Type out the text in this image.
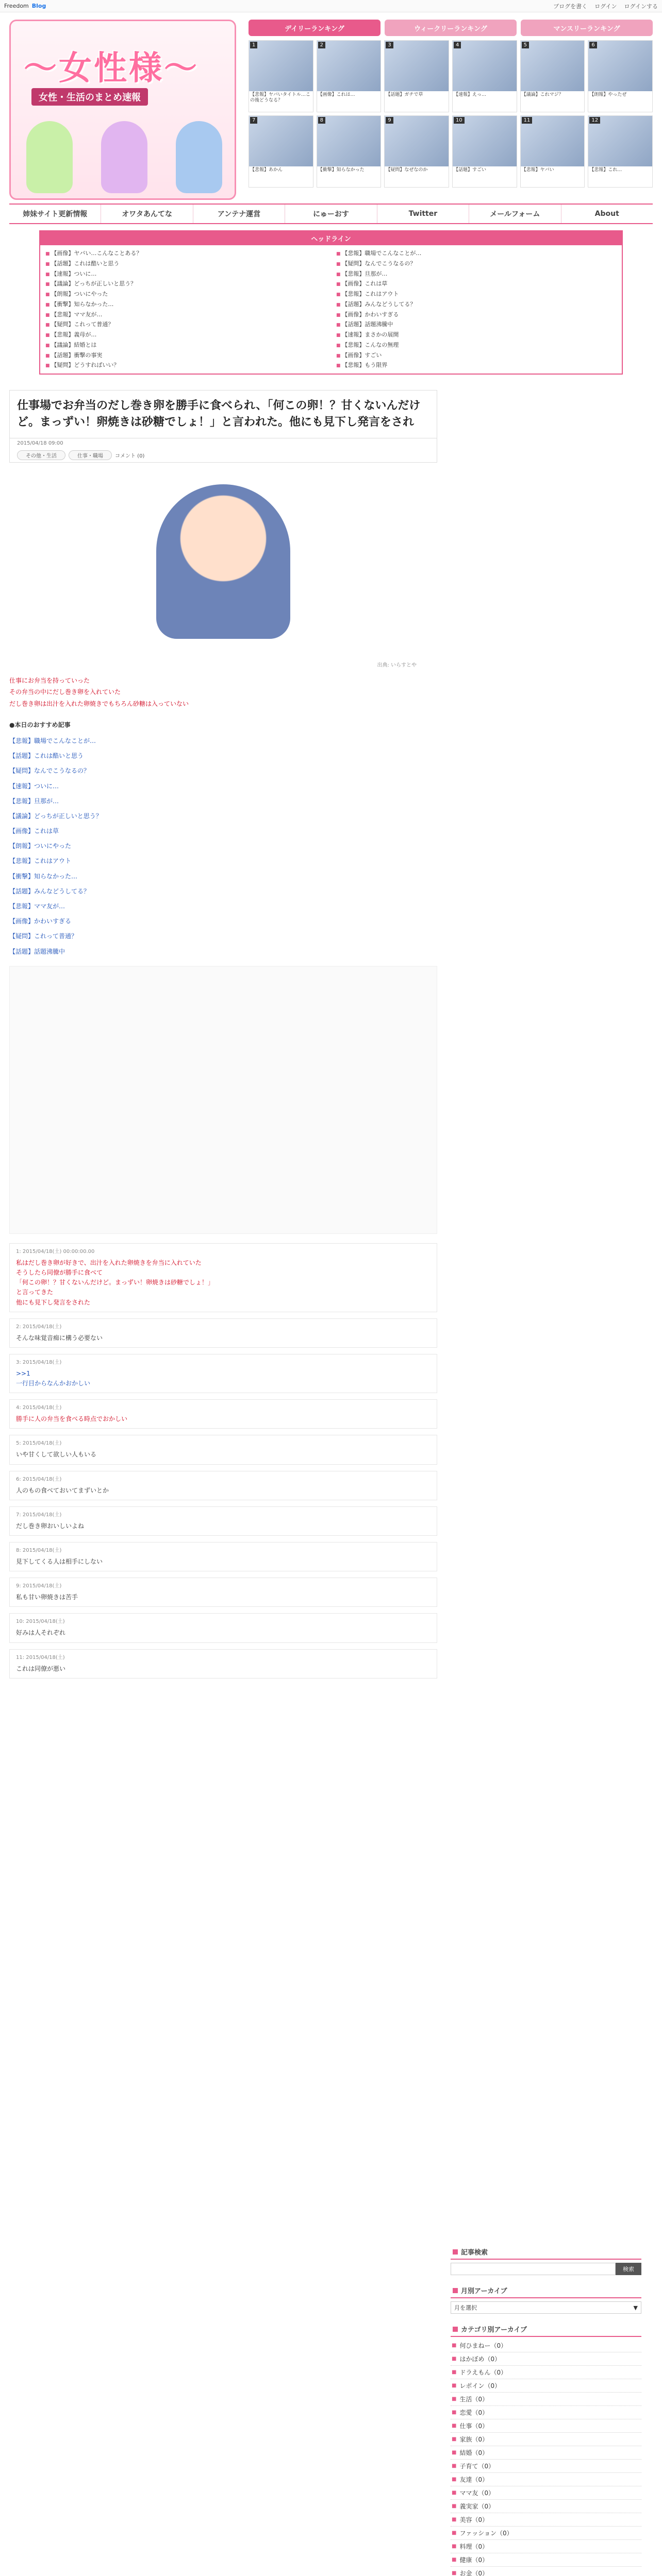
Freedom Blog	ブログを書く ログイン ログインする
〜女性様〜
女性・生活のまとめ速報
デイリーランキング	ウィークリーランキング	マンスリーランキング
1
【悲報】ヤバいタイトル…この後どうなる？
2
【画像】これは…
3
【話題】ガチで草
4
【速報】えっ…
5
【議論】これマジ？
6
【朗報】やったぜ
7
【悲報】あかん
8
【衝撃】知らなかった
9
【疑問】なぜなのか
10
【話題】すごい
11
【悲報】ヤバい
12
【悲報】これ…
姉妹サイト更新情報	オワタあんてな	アンテナ運営	にゅーおす	Twitter	メールフォーム	About
ヘッドライン
■ 【画像】ヤバい…こんなことある？	■ 【悲報】職場でこんなことが…
■ 【話題】これは酷いと思う	■ 【疑問】なんでこうなるの？
■ 【速報】ついに…	■ 【悲報】旦那が…
■ 【議論】どっちが正しいと思う？	■ 【画像】これは草
■ 【朗報】ついにやった	■ 【悲報】これはアウト
■ 【衝撃】知らなかった…	■ 【話題】みんなどうしてる？
■ 【悲報】ママ友が…	■ 【画像】かわいすぎる
■ 【疑問】これって普通？	■ 【話題】話題沸騰中
■ 【悲報】義母が…	■ 【速報】まさかの展開
■ 【議論】結婚とは	■ 【悲報】こんなの無理
■ 【話題】衝撃の事実	■ 【画像】すごい
■ 【疑問】どうすればいい？	■ 【悲報】もう限界
仕事場でお弁当のだし巻き卵を勝手に食べられ、「何この卵！？甘くないんだけど。まっずい！卵焼きは砂糖でしょ！」と言われた。他にも見下し発言をされ
2015/04/18 09:00
その他・生活	仕事・職場	コメント (0)
出典: いらすとや

仕事にお弁当を持っていった

その弁当の中にだし巻き卵を入れていた

だし巻き卵は出汁を入れた卵焼きでもちろん砂糖は入っていない

●本日のおすすめ記事
【悲報】職場でこんなことが…
【話題】これは酷いと思う
【疑問】なんでこうなるの？
【速報】ついに…
【悲報】旦那が…
【議論】どっちが正しいと思う？
【画像】これは草
【朗報】ついにやった
【悲報】これはアウト
【衝撃】知らなかった…
【話題】みんなどうしてる？
【悲報】ママ友が…
【画像】かわいすぎる
【疑問】これって普通？
【話題】話題沸騰中
1: 2015/04/18(土) 00:00:00.00

私はだし巻き卵が好きで、出汁を入れた卵焼きを弁当に入れていた

そうしたら同僚が勝手に食べて

「何この卵！？甘くないんだけど。まっずい！卵焼きは砂糖でしょ！」

と言ってきた

他にも見下し発言をされた

2: 2015/04/18(土)

そんな味覚音痴に構う必要ない

3: 2015/04/18(土)

>>1

一行目からなんかおかしい

4: 2015/04/18(土)

勝手に人の弁当を食べる時点でおかしい

5: 2015/04/18(土)

いや甘くして欲しい人もいる

6: 2015/04/18(土)

人のもの食べておいてまずいとか

7: 2015/04/18(土)

だし巻き卵おいしいよね

8: 2015/04/18(土)

見下してくる人は相手にしない

9: 2015/04/18(土)

私も甘い卵焼きは苦手

10: 2015/04/18(土)

好みは人それぞれ

11: 2015/04/18(土)

これは同僚が悪い

記事検索
検索
月別アーカイブ
月を選択	▼
カテゴリ別アーカイブ
■ 何ひまねー（0）
■ はかぼめ（0）
■ ドラえもん（0）
■ レポイン（0）
■ 生活（0）
■ 恋愛（0）
■ 仕事（0）
■ 家族（0）
■ 結婚（0）
■ 子育て（0）
■ 友達（0）
■ ママ友（0）
■ 義実家（0）
■ 美容（0）
■ ファッション（0）
■ 料理（0）
■ 健康（0）
■ お金（0）
